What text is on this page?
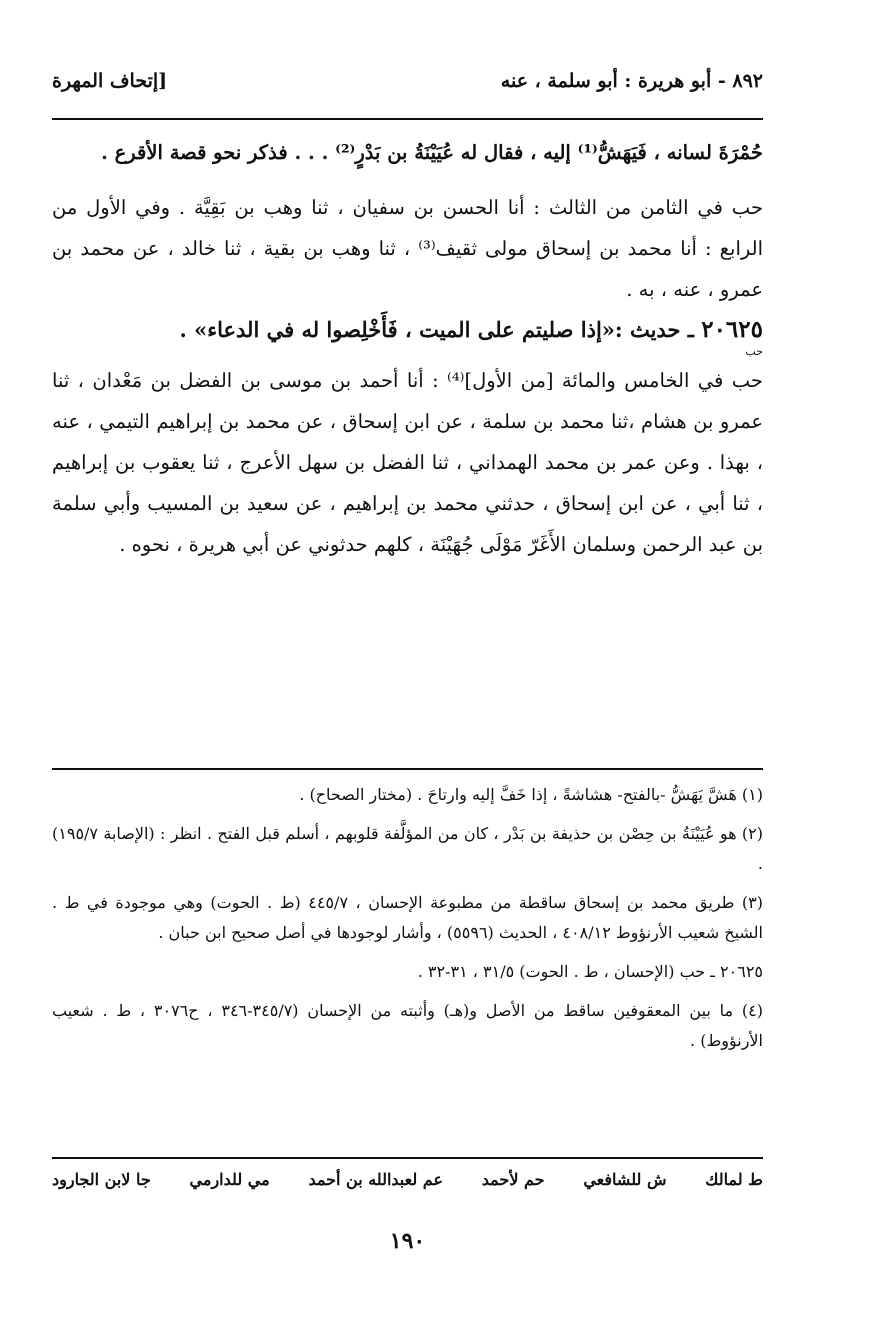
٨٩٢ - أبو هريرة : أبو سلمة ، عنه
[إتحاف المهرة

حُمْرَةَ لسانه ، فَيَهَشُّ⁽¹⁾ إليه ، فقال له عُيَيْنَةُ بن بَدْرٍ⁽²⁾ . . . فذكر نحو قصة الأقرع .

حب في الثامن من الثالث : أنا الحسن بن سفيان ، ثنا وهب بن بَقِيَّة . وفي الأول من الرابع : أنا محمد بن إسحاق مولى ثقيف⁽³⁾ ، ثنا وهب بن بقية ، ثنا خالد ، عن محمد بن عمرو ، عنه ، به .

٢٠٦٢٥ ـ حديث :«إذا صليتم على الميت ، فَأَخْلِصوا له في الدعاء» .
حب

حب في الخامس والمائة [من الأول]⁽⁴⁾ : أنا أحمد بن موسى بن الفضل بن مَعْدان ، ثنا عمرو بن هشام ،ثنا محمد بن سلمة ، عن ابن إسحاق ، عن محمد بن إبراهيم التيمي ، عنه ، بهذا . وعن عمر بن محمد الهمداني ، ثنا الفضل بن سهل الأعرج ، ثنا يعقوب بن إبراهيم ، ثنا أبي ، عن ابن إسحاق ، حدثني محمد بن إبراهيم ، عن سعيد بن المسيب وأبي سلمة بن عبد الرحمن وسلمان الأَغَرّ مَوْلَى جُهَيْنَة ، كلهم حدثوني عن أبي هريرة ، نحوه .

(١) هَشَّ يَهَشُّ -بالفتح- هشاشةً ، إذا خَفَّ إليه وارتاحَ . (مختار الصحاح) .

(٢) هو عُيَيْنَةُ بن حِصْن بن حذيفة بن بَدْر ، كان من المؤلَّفة قلوبهم ، أسلم قبل الفتح . انظر : (الإصابة ١٩٥/٧) .

(٣) طريق محمد بن إسحاق ساقطة من مطبوعة الإحسان ، ٤٤٥/٧ (ط . الحوت) وهي موجودة في ط . الشيخ شعيب الأرنؤوط ٤٠٨/١٢ ، الحديث (٥٥٩٦) ، وأشار لوجودها في أصل صحيح ابن حبان .

٢٠٦٢٥ ـ حب (الإحسان ، ط . الحوت) ٣١/٥ ، ٣١-٣٢ .

(٤) ما بين المعقوفين ساقط من الأصل و(هـ) وأثبته من الإحسان (٣٤٥/٧-٣٤٦ ، ح٣٠٧٦ ، ط . شعيب الأرنؤوط) .

ط لمالك ش للشافعي حم لأحمد عم لعبدالله بن أحمد مي للدارمي جا لابن الجارود
١٩٠
